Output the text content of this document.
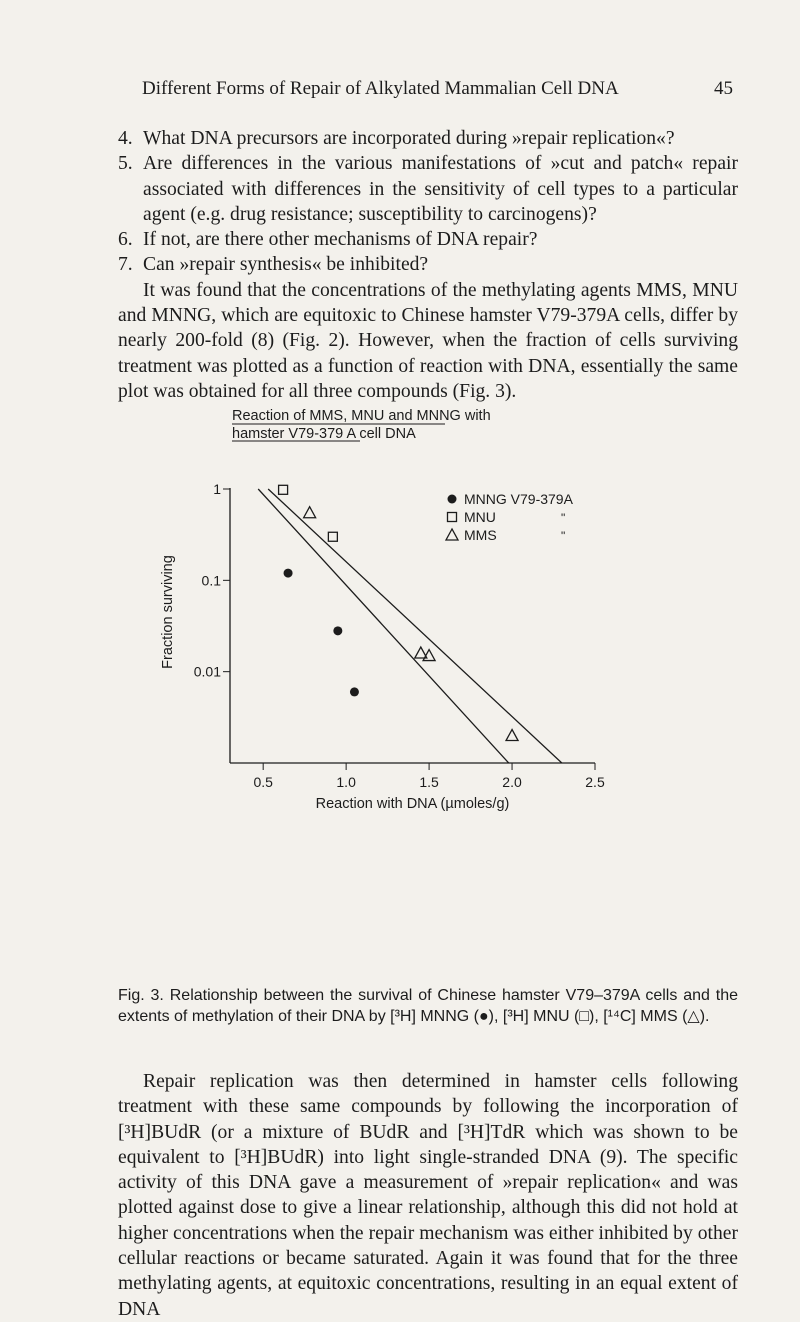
Different Forms of Repair of Alkylated Mammalian Cell DNA	45

4. What DNA precursors are incorporated during »repair replication«?

5. Are differences in the various manifestations of »cut and patch« repair associated with differences in the sensitivity of cell types to a particular agent (e.g. drug resistance; susceptibility to carcinogens)?

6. If not, are there other mechanisms of DNA repair?

7. Can »repair synthesis« be inhibited?

It was found that the concentrations of the methylating agents MMS, MNU and MNNG, which are equitoxic to Chinese hamster V79-379A cells, differ by nearly 200-fold (8) (Fig. 2). However, when the fraction of cells surviving treatment was plotted as a function of reaction with DNA, essentially the same plot was obtained for all three compounds (Fig. 3).

Reaction of MMS, MNU and MNNG with
hamster V79-379 A cell DNA
0.5	1.0	1.5	2.0	2.5
1
0.1
0.01
Reaction with DNA (µmoles/g)
Fraction surviving
MNNG V79-379A
MNU	"
MMS	"
Fig. 3. Relationship between the survival of Chinese hamster V79–379A cells and the extents of methylation of their DNA by [³H] MNNG (●), [³H] MNU (□), [¹⁴C] MMS (△).

Repair replication was then determined in hamster cells following treatment with these same compounds by following the incorporation of [³H]BUdR (or a mixture of BUdR and [³H]TdR which was shown to be equivalent to [³H]BUdR) into light single-stranded DNA (9). The specific activity of this DNA gave a measurement of »repair replication« and was plotted against dose to give a linear relationship, although this did not hold at higher concentrations when the repair mechanism was either inhibited by other cellular reactions or became saturated. Again it was found that for the three methylating agents, at equitoxic concentrations, resulting in an equal extent of DNA
